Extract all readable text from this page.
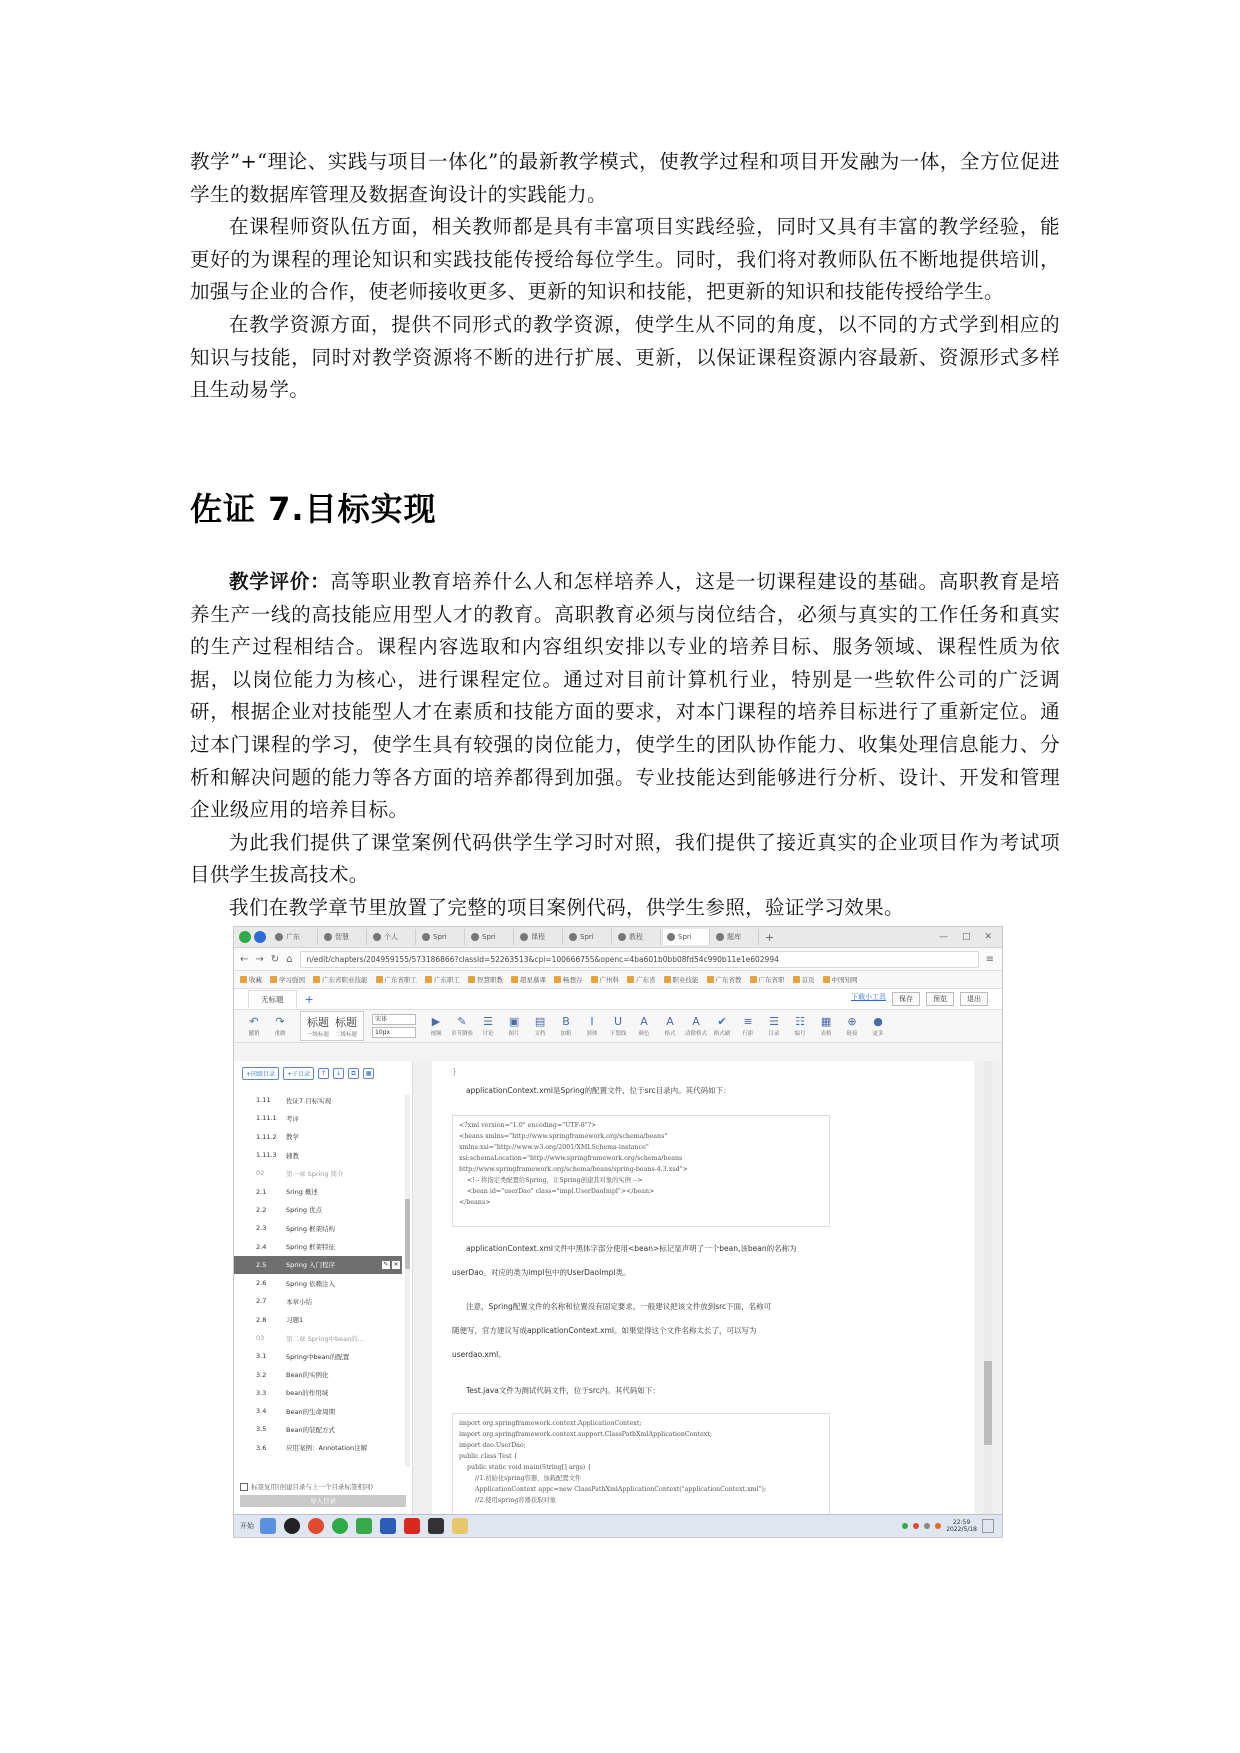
教学”+“理论、实践与项目一体化”的最新教学模式，使教学过程和项目开发融为一体，全方位促进学生的数据库管理及数据查询设计的实践能力。

在课程师资队伍方面，相关教师都是具有丰富项目实践经验，同时又具有丰富的教学经验，能更好的为课程的理论知识和实践技能传授给每位学生。同时，我们将对教师队伍不断地提供培训，加强与企业的合作，使老师接收更多、更新的知识和技能，把更新的知识和技能传授给学生。

在教学资源方面，提供不同形式的教学资源，使学生从不同的角度，以不同的方式学到相应的知识与技能，同时对教学资源将不断的进行扩展、更新，以保证课程资源内容最新、资源形式多样且生动易学。

佐证 7.目标实现

教学评价：高等职业教育培养什么人和怎样培养人，这是一切课程建设的基础。高职教育是培养生产一线的高技能应用型人才的教育。高职教育必须与岗位结合，必须与真实的工作任务和真实的生产过程相结合。课程内容选取和内容组织安排以专业的培养目标、服务领域、课程性质为依据，以岗位能力为核心，进行课程定位。通过对目前计算机行业，特别是一些软件公司的广泛调研，根据企业对技能型人才在素质和技能方面的要求，对本门课程的培养目标进行了重新定位。通过本门课程的学习，使学生具有较强的岗位能力，使学生的团队协作能力、收集处理信息能力、分析和解决问题的能力等各方面的培养都得到加强。专业技能达到能够进行分析、设计、开发和管理企业级应用的培养目标。

为此我们提供了课堂案例代码供学生学习时对照，我们提供了接近真实的企业项目作为考试项目供学生拔高技术。

我们在教学章节里放置了完整的项目案例代码，供学生参照，验证学习效果。

广东	智慧	个人	Spri	Spri	课程	Spri	教程	Spri	题库 +	— □ ✕
← → ↻ ⌂	n/edit/chapters/204959155/573186866?classId=52263513&cpi=100666755&openc=4ba601b0bb08fd54c990b11e1e602994	≡
收藏	学习强国	广东省职业技能	广东省职工	广东职工	智慧职教	超星慕课	畅想谷	广州科	广东省	职业技能	广东省教	广东省职	首页	中国知网
无标题	+	下载小工具	保存	预览	退出
↶
撤销
↷
重做
标题
一级标题
标题
二级标题
宋体
10px
▶
视频
✎
章节测验
☰
讨论
▣
图片
▤
文档
B
加粗
I
斜体
U
下划线
A
颜色
A
格式
A
清除格式
✔
格式刷
≡
行距
☰
目录
☷
编号
▦
表格
⊕
链接
●
更多
+同级目录	+子目录	↑	↓	⧉	▦
1.11	佐证7.目标实现
1.11.1	考评
1.11.2	教学
1.11.3	辅教
02	第一章 Spring 简介
2.1	Sring 概述
2.2	Spring 优点
2.3	Spring 框架结构
2.4	Spring 框架特征
2.5	Spring 入门程序	✎ ✕
2.6	Spring 依赖注入
2.7	本章小结
2.8	习题1
03	第二章 Spring中bean的...
3.1	Spring中bean的配置
3.2	Bean的实例化
3.3	bean的作用域
3.4	Bean的生命周期
3.5	Bean的装配方式
3.6	应用案例：Annotation注解
标签复用(创建目录与上一个目录标签相同)
导入目录
}
applicationContext.xml是Spring的配置文件，位于src目录内。其代码如下：
<?xml version="1.0" encoding="UTF-8"?>
<beans xmlns="http://www.springframework.org/schema/beans"
xmlns:xsi="http://www.w3.org/2001/XMLSchema-instance"
xsi:schemaLocation="http://www.springframework.org/schema/beans
http://www.springframework.org/schema/beans/spring-beans-4.3.xsd">
<!-- 将指定类配置给Spring，让Spring创建其对象的实例 -->
<bean id="userDao" class="impl.UserDaoImpl"></bean>
</beans>
applicationContext.xml文件中黑体字部分使用<bean>标记显声明了一个bean,该bean的名称为
userDao。对应的类为impl包中的UserDaoImpl类。
注意，Spring配置文件的名称和位置没有固定要求，一般建议把该文件放到src下面，名称可
随便写，官方建议写成applicationContext.xml。如果觉得这个文件名称太长了，可以写为
userdao.xml。
Test.java文件为测试代码文件，位于src内。其代码如下：
import org.springframework.context.ApplicationContext;
import org.springframework.context.support.ClassPathXmlApplicationContext;
import dao.UserDao;
public class Test {
public static void main(String[] args) {
//1.初始化spring容器，加载配置文件
ApplicationContext appc=new ClassPathXmlApplicationContext("applicationContext.xml");
//2.使用spring容器获取对象
开始	22:59
2022/5/18
